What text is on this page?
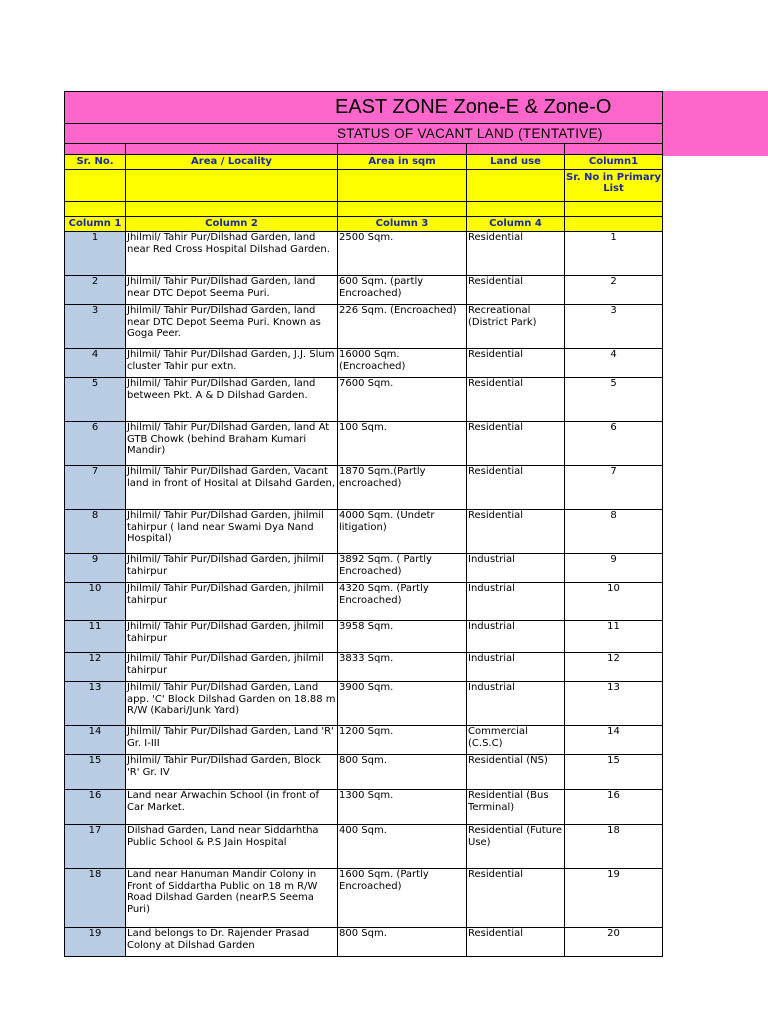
EAST ZONE Zone-E & Zone-O				
STATUS OF VACANT LAND (TENTATIVE)				

Sr. No.	Area / Locality	Area in sqm	Land use	Column1
				Sr. No in Primary List

Column 1	Column 2	Column 3	Column 4	
1	Jhilmil/ Tahir Pur/Dilshad Garden, land near Red Cross Hospital Dilshad Garden.	2500 Sqm.	Residential	1
2	Jhilmil/ Tahir Pur/Dilshad Garden, land near DTC Depot Seema Puri.	600 Sqm. (partly Encroached)	Residential	2
3	Jhilmil/ Tahir Pur/Dilshad Garden, land near DTC Depot Seema Puri. Known as Goga Peer.	226 Sqm. (Encroached)	Recreational (District Park)	3
4	Jhilmil/ Tahir Pur/Dilshad Garden, J.J. Slum cluster Tahir pur extn.	16000 Sqm. (Encroached)	Residential	4
5	Jhilmil/ Tahir Pur/Dilshad Garden, land between Pkt. A & D Dilshad Garden.	7600 Sqm.	Residential	5
6	Jhilmil/ Tahir Pur/Dilshad Garden, land At GTB Chowk (behind Braham Kumari Mandir)	100 Sqm.	Residential	6
7	Jhilmil/ Tahir Pur/Dilshad Garden, Vacant land in front of Hosital at Dilsahd Garden,	1870 Sqm.(Partly encroached)	Residential	7
8	Jhilmil/ Tahir Pur/Dilshad Garden, jhilmil tahirpur ( land near Swami Dya Nand Hospital)	4000 Sqm. (Undetr litigation)	Residential	8
9	Jhilmil/ Tahir Pur/Dilshad Garden, jhilmil tahirpur	3892 Sqm. ( Partly Encroached)	Industrial	9
10	Jhilmil/ Tahir Pur/Dilshad Garden, jhilmil tahirpur	4320 Sqm. (Partly Encroached)	Industrial	10
11	Jhilmil/ Tahir Pur/Dilshad Garden, jhilmil tahirpur	3958 Sqm.	Industrial	11
12	Jhilmil/ Tahir Pur/Dilshad Garden, jhilmil tahirpur	3833 Sqm.	Industrial	12
13	Jhilmil/ Tahir Pur/Dilshad Garden, Land app. 'C' Block Dilshad Garden on 18.88 m R/W (Kabari/Junk Yard)	3900 Sqm.	Industrial	13
14	Jhilmil/ Tahir Pur/Dilshad Garden, Land 'R' Gr. I-III	1200 Sqm.	Commercial (C.S.C)	14
15	Jhilmil/ Tahir Pur/Dilshad Garden, Block 'R' Gr. IV	800 Sqm.	Residential (NS)	15
16	Land near Arwachin School (in front of Car Market.	1300 Sqm.	Residential (Bus Terminal)	16
17	Dilshad Garden, Land near Siddarhtha Public School & P.S Jain Hospital	400 Sqm.	Residential (Future Use)	18
18	Land near Hanuman Mandir Colony in Front of Siddartha Public on 18 m R/W Road Dilshad Garden (nearP.S Seema Puri)	1600 Sqm. (Partly Encroached)	Residential	19
19	Land belongs to Dr. Rajender Prasad Colony at Dilshad Garden	800 Sqm.	Residential	20
